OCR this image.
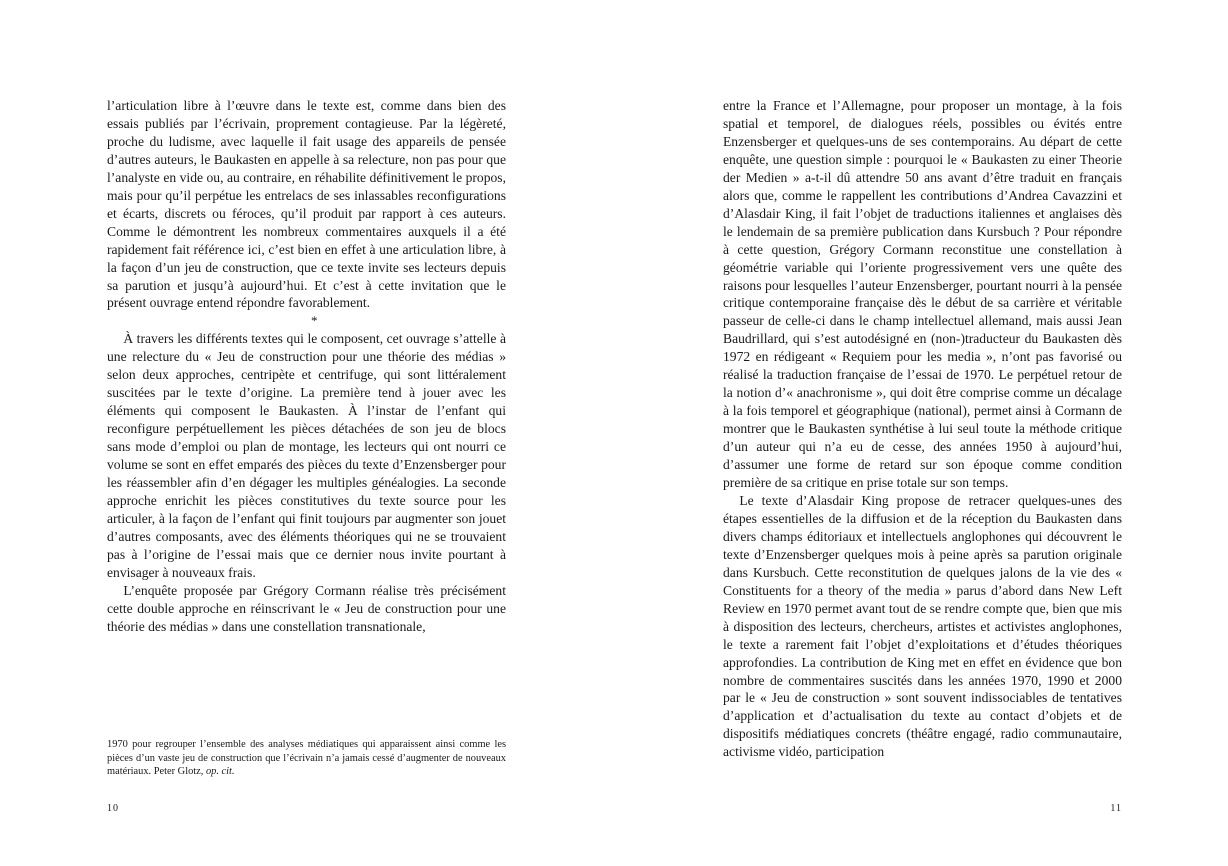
l’articulation libre à l’œuvre dans le texte est, comme dans bien des essais publiés par l’écrivain, proprement contagieuse. Par la légèreté, proche du ludisme, avec laquelle il fait usage des appareils de pensée d’autres auteurs, le Baukasten en appelle à sa relecture, non pas pour que l’analyste en vide ou, au contraire, en réhabilite définitivement le propos, mais pour qu’il perpétue les entrelacs de ses inlassables reconfigurations et écarts, discrets ou féroces, qu’il produit par rapport à ces auteurs. Comme le démontrent les nombreux commentaires auxquels il a été rapidement fait référence ici, c’est bien en effet à une articulation libre, à la façon d’un jeu de construction, que ce texte invite ses lecteurs depuis sa parution et jusqu’à aujourd’hui. Et c’est à cette invitation que le présent ouvrage entend répondre favorablement.

*

À travers les différents textes qui le composent, cet ouvrage s’attelle à une relecture du « Jeu de construction pour une théorie des médias » selon deux approches, centripète et centrifuge, qui sont littéralement suscitées par le texte d’origine. La première tend à jouer avec les éléments qui composent le Baukasten. À l’instar de l’enfant qui reconfigure perpétuellement les pièces détachées de son jeu de blocs sans mode d’emploi ou plan de montage, les lecteurs qui ont nourri ce volume se sont en effet emparés des pièces du texte d’Enzensberger pour les réassembler afin d’en dégager les multiples généalogies. La seconde approche enrichit les pièces constitutives du texte source pour les articuler, à la façon de l’enfant qui finit toujours par augmenter son jouet d’autres composants, avec des éléments théoriques qui ne se trouvaient pas à l’origine de l’essai mais que ce dernier nous invite pourtant à envisager à nouveaux frais.

L’enquête proposée par Grégory Cormann réalise très précisément cette double approche en réinscrivant le « Jeu de construction pour une théorie des médias » dans une constellation transnationale,

1970 pour regrouper l’ensemble des analyses médiatiques qui apparaissent ainsi comme les pièces d’un vaste jeu de construction que l’écrivain n’a jamais cessé d’augmenter de nouveaux matériaux. Peter Glotz, op. cit.
10

entre la France et l’Allemagne, pour proposer un montage, à la fois spatial et temporel, de dialogues réels, possibles ou évités entre Enzensberger et quelques-uns de ses contemporains. Au départ de cette enquête, une question simple : pourquoi le « Baukasten zu einer Theorie der Medien » a-t-il dû attendre 50 ans avant d’être traduit en français alors que, comme le rappellent les contributions d’Andrea Cavazzini et d’Alasdair King, il fait l’objet de traductions italiennes et anglaises dès le lendemain de sa première publication dans Kursbuch ? Pour répondre à cette question, Grégory Cormann reconstitue une constellation à géométrie variable qui l’oriente progressivement vers une quête des raisons pour lesquelles l’auteur Enzensberger, pourtant nourri à la pensée critique contemporaine française dès le début de sa carrière et véritable passeur de celle-ci dans le champ intellectuel allemand, mais aussi Jean Baudrillard, qui s’est autodésigné en (non-)traducteur du Baukasten dès 1972 en rédigeant « Requiem pour les media », n’ont pas favorisé ou réalisé la traduction française de l’essai de 1970. Le perpétuel retour de la notion d’« anachronisme », qui doit être comprise comme un décalage à la fois temporel et géographique (national), permet ainsi à Cormann de montrer que le Baukasten synthétise à lui seul toute la méthode critique d’un auteur qui n’a eu de cesse, des années 1950 à aujourd’hui, d’assumer une forme de retard sur son époque comme condition première de sa critique en prise totale sur son temps.

Le texte d’Alasdair King propose de retracer quelques-unes des étapes essentielles de la diffusion et de la réception du Baukasten dans divers champs éditoriaux et intellectuels anglophones qui découvrent le texte d’Enzensberger quelques mois à peine après sa parution originale dans Kursbuch. Cette reconstitution de quelques jalons de la vie des « Constituents for a theory of the media » parus d’abord dans New Left Review en 1970 permet avant tout de se rendre compte que, bien que mis à disposition des lecteurs, chercheurs, artistes et activistes anglophones, le texte a rarement fait l’objet d’exploitations et d’études théoriques approfondies. La contribution de King met en effet en évidence que bon nombre de commentaires suscités dans les années 1970, 1990 et 2000 par le « Jeu de construction » sont souvent indissociables de tentatives d’application et d’actualisation du texte au contact d’objets et de dispositifs médiatiques concrets (théâtre engagé, radio communautaire, activisme vidéo, participation

11
